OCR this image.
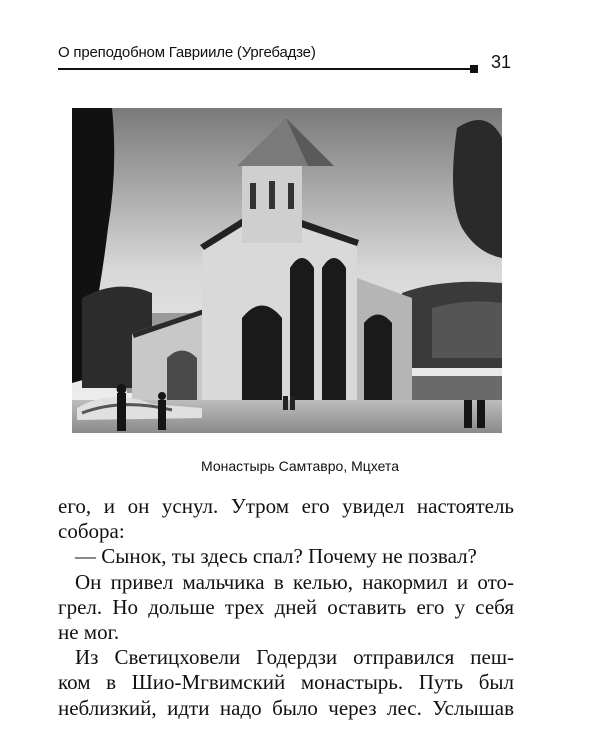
О преподобном Гаврииле (Ургебадзе)	31
Монастырь Самтавро, Мцхета
его, и он уснул. Утром его увидел настоятель
собора:
— Сынок, ты здесь спал? Почему не позвал?
Он привел мальчика в келью, накормил и ото-
грел. Но дольше трех дней оставить его у себя
не мог.
Из Светицховели Годердзи отправился пеш-
ком в Шио-Мгвимский монастырь. Путь был
неблизкий, идти надо было через лес. Услышав
